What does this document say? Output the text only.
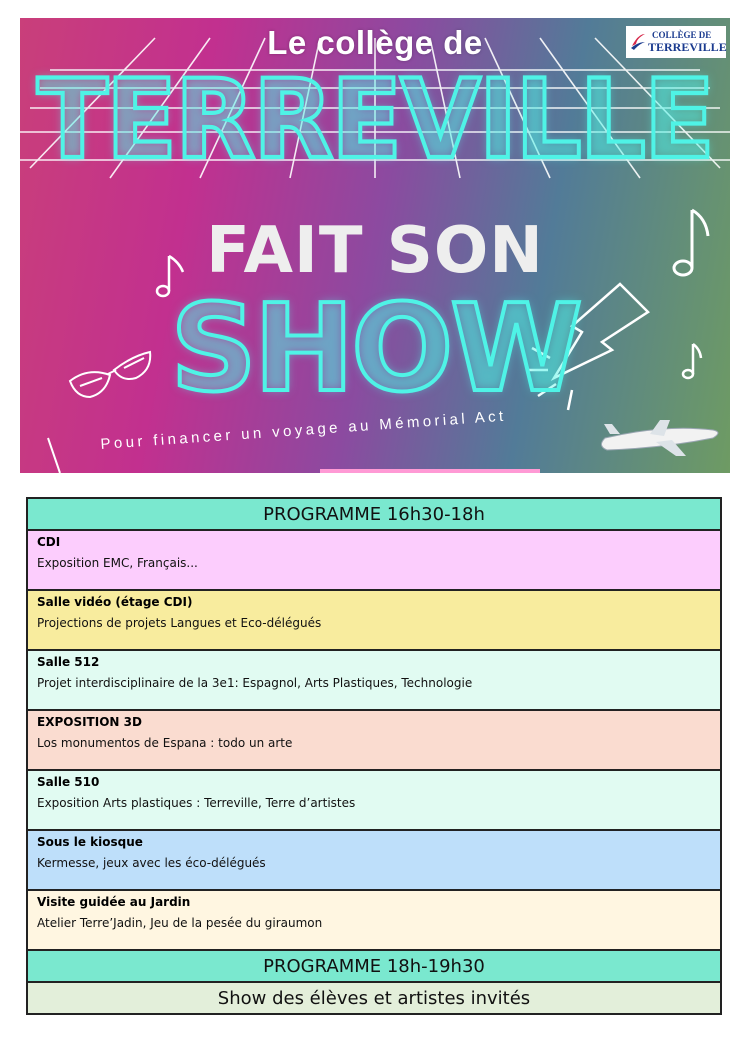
COLLÈGE DE
TERREVILLE
Le collège de
TERREVILLE
FAIT SON
SHOW
Pour financer un voyage au Mémorial Act
PROGRAMME 16h30-18h

CDI
Exposition EMC, Français...

Salle vidéo (étage CDI)
Projections de projets Langues et Eco-délégués

Salle 512
Projet interdisciplinaire de la 3e1: Espagnol, Arts Plastiques, Technologie

EXPOSITION 3D
Los monumentos de Espana : todo un arte

Salle 510
Exposition Arts plastiques : Terreville, Terre d’artistes

Sous le kiosque
Kermesse, jeux avec les éco-délégués

Visite guidée au Jardin
Atelier Terre’Jadin, Jeu de la pesée du giraumon

PROGRAMME 18h-19h30
Show des élèves et artistes invités
